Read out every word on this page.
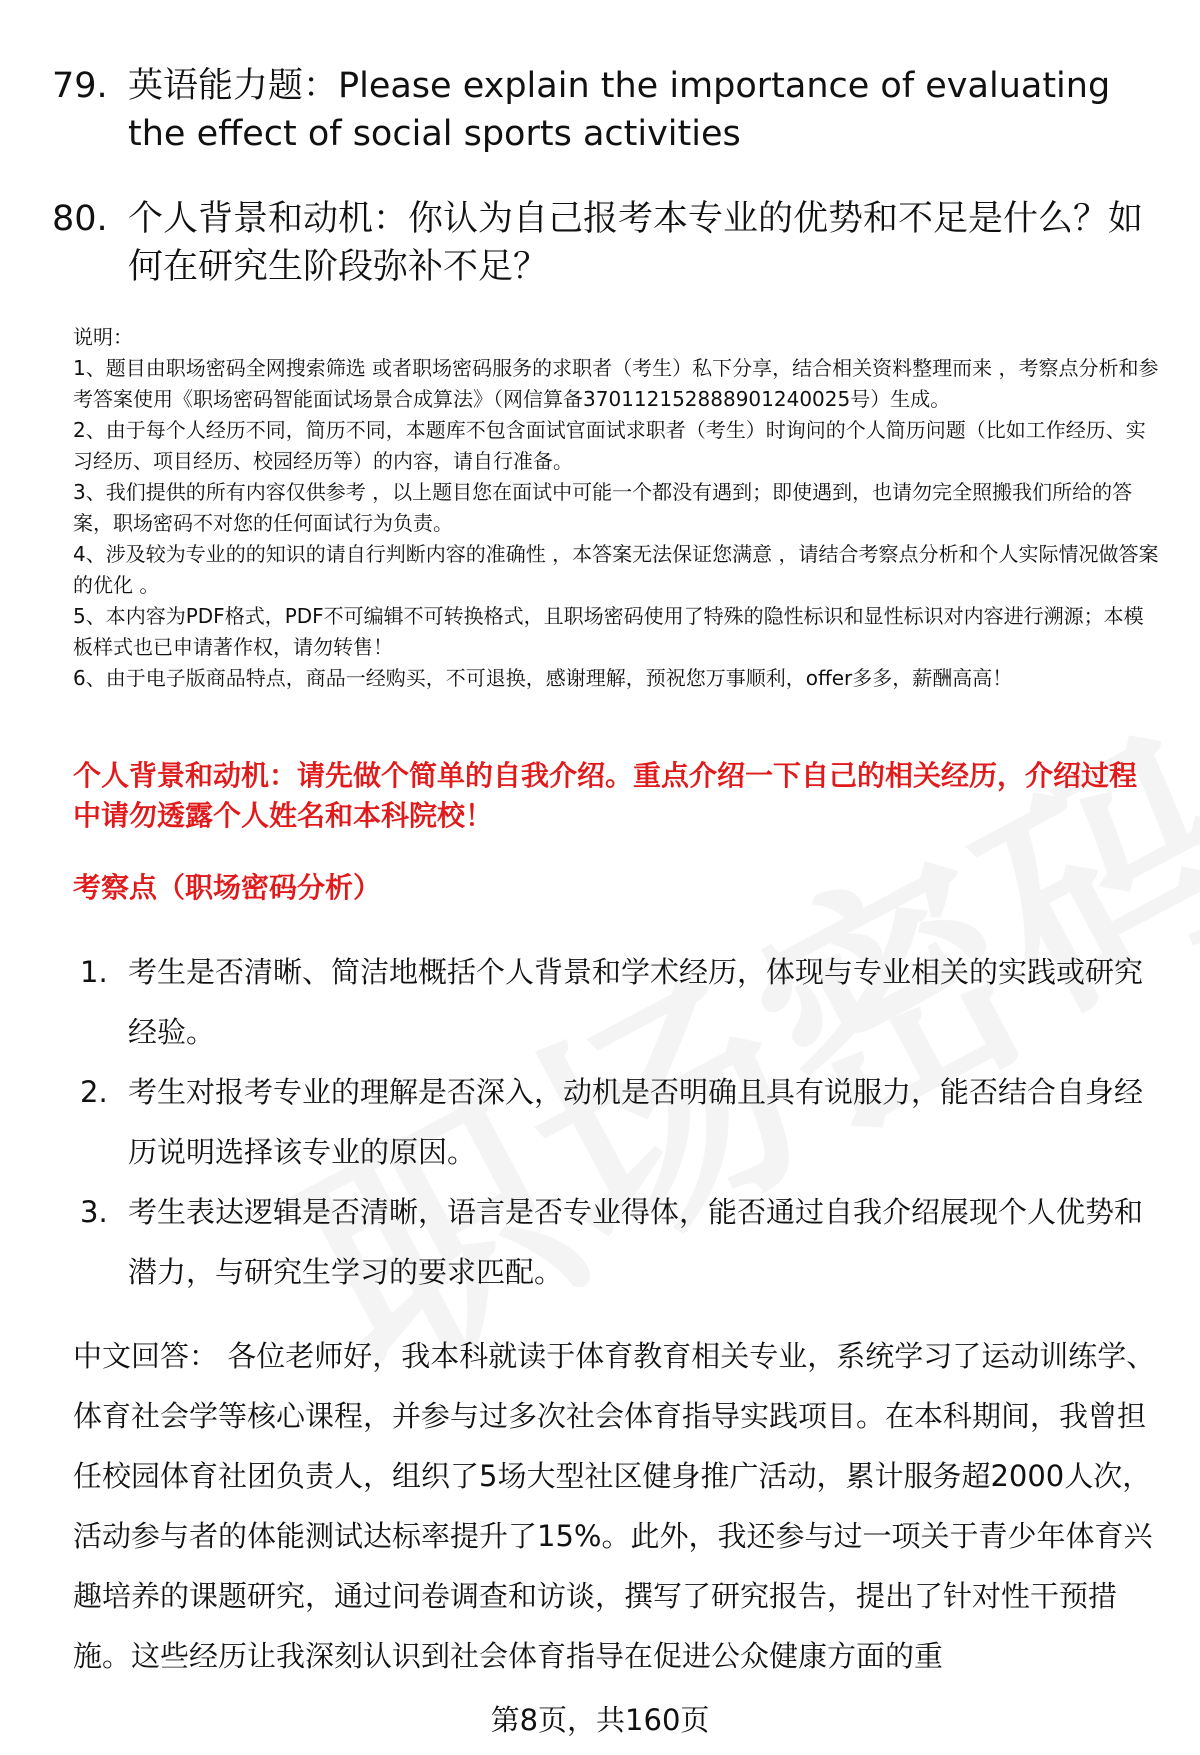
79. 英语能力题：Please explain the importance of evaluating the effect of social sports activities
80. 个人背景和动机：你认为自己报考本专业的优势和不足是什么？如何在研究生阶段弥补不足？

说明：

1、题目由职场密码全网搜索筛选 或者职场密码服务的求职者（考生）私下分享，结合相关资料整理而来 ，考察点分析和参考答案使用《职场密码智能面试场景合成算法》（网信算备370112152888901240025号）生成。

2、由于每个人经历不同，简历不同，本题库不包含面试官面试求职者（考生）时询问的个人简历问题（比如工作经历、实习经历、项目经历、校园经历等）的内容，请自行准备。

3、我们提供的所有内容仅供参考 ，以上题目您在面试中可能一个都没有遇到；即使遇到，也请勿完全照搬我们所给的答案，职场密码不对您的任何面试行为负责。

4、涉及较为专业的的知识的请自行判断内容的准确性 ，本答案无法保证您满意 ，请结合考察点分析和个人实际情况做答案的优化 。

5、本内容为PDF格式，PDF不可编辑不可转换格式，且职场密码使用了特殊的隐性标识和显性标识对内容进行溯源；本模板样式也已申请著作权，请勿转售！

6、由于电子版商品特点，商品一经购买，不可退换，感谢理解，预祝您万事顺利，offer多多，薪酬高高！

个人背景和动机：请先做个简单的自我介绍。重点介绍一下自己的相关经历，介绍过程中请勿透露个人姓名和本科院校！
考察点（职场密码分析）
1. 考生是否清晰、简洁地概括个人背景和学术经历，体现与专业相关的实践或研究经验。
2. 考生对报考专业的理解是否深入，动机是否明确且具有说服力，能否结合自身经历说明选择该专业的原因。
3. 考生表达逻辑是否清晰，语言是否专业得体，能否通过自我介绍展现个人优势和潜力，与研究生学习的要求匹配。
中文回答： 各位老师好，我本科就读于体育教育相关专业，系统学习了运动训练学、体育社会学等核心课程，并参与过多次社会体育指导实践项目。在本科期间，我曾担任校园体育社团负责人，组织了5场大型社区健身推广活动，累计服务超2000人次，活动参与者的体能测试达标率提升了15%。此外，我还参与过一项关于青少年体育兴趣培养的课题研究，通过问卷调查和访谈，撰写了研究报告，提出了针对性干预措施。这些经历让我深刻认识到社会体育指导在促进公众健康方面的重
第8页，共160页
